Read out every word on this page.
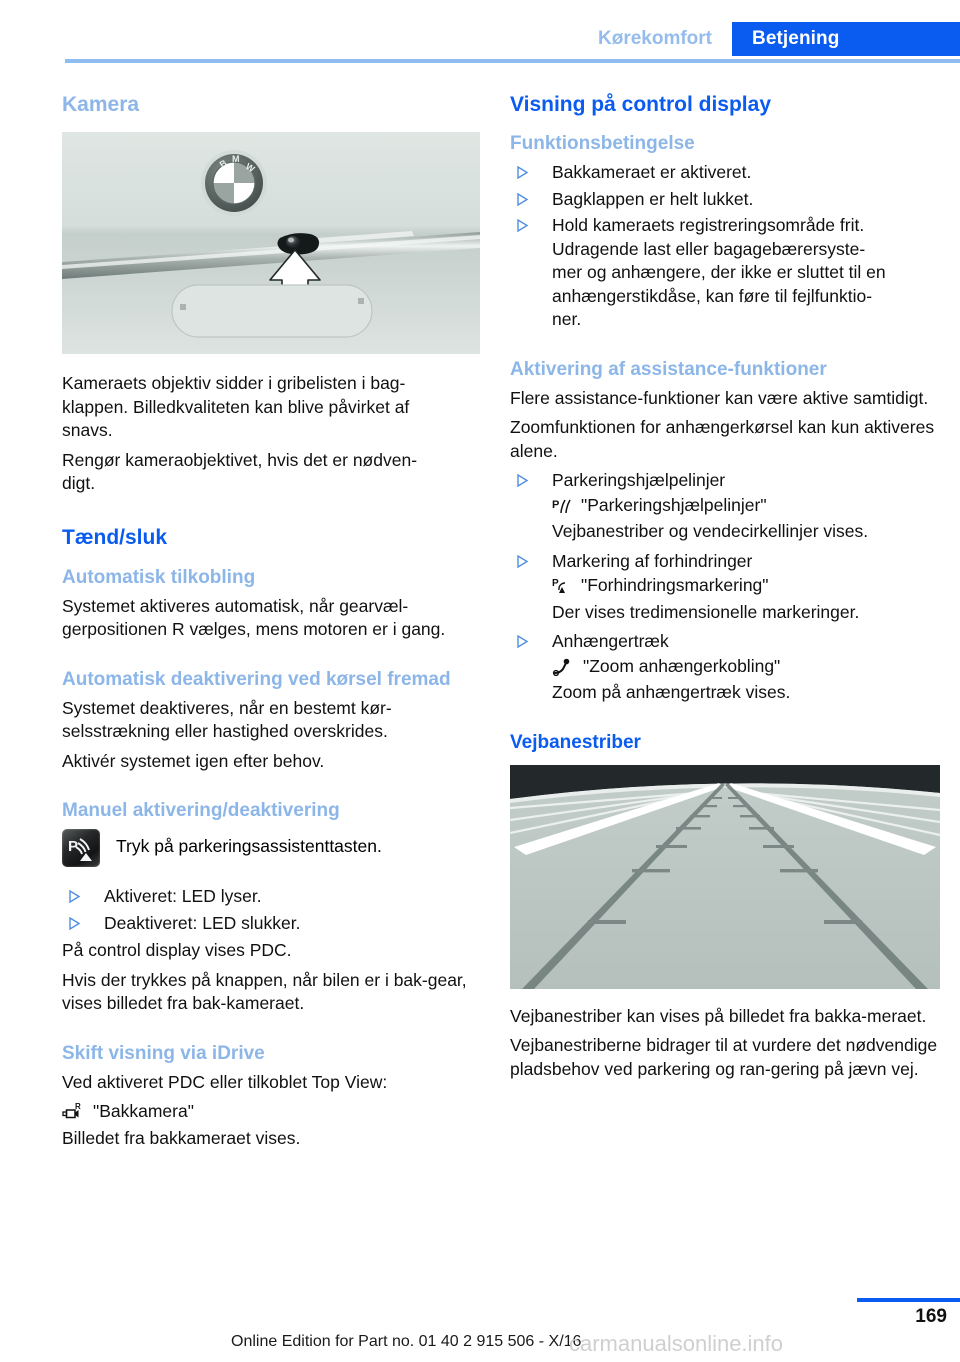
Kørekomfort Betjening
Kamera
B M
W

Kameraets objektiv sidder i gribelisten i bag-
klappen. Billedkvaliteten kan blive påvirket af
snavs.

Rengør kameraobjektivet, hvis det er nødven-
digt.

Tænd/sluk
Automatisk tilkobling

Systemet aktiveres automatisk, når gearvæl-gerpositionen R vælges, mens motoren er i gang.

Automatisk deaktivering ved kørsel fremad

Systemet deaktiveres, når en bestemt kør-selsstrækning eller hastighed overskrides.

Aktivér systemet igen efter behov.

Manuel aktivering/deaktivering
P Tryk på parkeringsassistenttasten.
Aktiveret: LED lyser.
Deaktiveret: LED slukker.

På control display vises PDC.

Hvis der trykkes på knappen, når bilen er i bak-gear, vises billedet fra bak-kameraet.

Skift visning via iDrive

Ved aktiveret PDC eller tilkoblet Top View:

R "Bakkamera"

Billedet fra bakkameraet vises.

Visning på control display
Funktionsbetingelse
Bakkameraet er aktiveret.
Bagklappen er helt lukket.
Hold kameraets registreringsområde frit.
Udragende last eller bagagebærersyste-
mer og anhængere, der ikke er sluttet til en
anhængerstikdåse, kan føre til fejlfunktio-
ner.
Aktivering af assistance-funktioner

Flere assistance-funktioner kan være aktive samtidigt.

Zoomfunktionen for anhængerkørsel kan kun aktiveres alene.

Parkeringshjælpelinjer
P "Parkeringshjælpelinjer"

Vejbanestriber og vendecirkellinjer vises.

Markering af forhindringer
P "Forhindringsmarkering"

Der vises tredimensionelle markeringer.

Anhængertræk
"Zoom anhængerkobling"

Zoom på anhængertræk vises.

Vejbanestriber

Vejbanestriber kan vises på billedet fra bakka-meraet.

Vejbanestriberne bidrager til at vurdere det nødvendige pladsbehov ved parkering og ran-gering på jævn vej.

169
Online Edition for Part no. 01 40 2 915 506 - X/16
carmanualsonline.info
